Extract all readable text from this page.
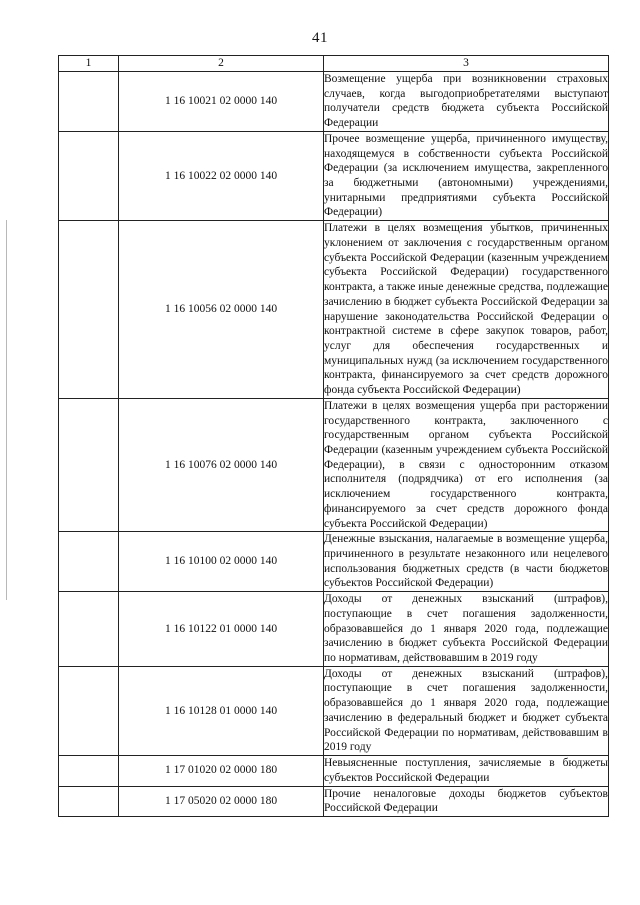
41
1	2	3
	1 16 10021 02 0000 140	Возмещение ущерба при возникновении страховых случаев, когда выгодоприобретателями выступают получатели средств бюджета субъекта Российской Федерации
	1 16 10022 02 0000 140	Прочее возмещение ущерба, причиненного имуществу, находящемуся в собственности субъекта Российской Федерации (за исключением имущества, закрепленного за бюджетными (автономными) учреждениями, унитарными предприятиями субъекта Российской Федерации)
	1 16 10056 02 0000 140	Платежи в целях возмещения убытков, причиненных уклонением от заключения с государственным органом субъекта Российской Федерации (казенным учреждением субъекта Российской Федерации) государственного контракта, а также иные денежные средства, подлежащие зачислению в бюджет субъекта Российской Федерации за нарушение законодательства Российской Федерации о контрактной системе в сфере закупок товаров, работ, услуг для обеспечения государственных и муниципальных нужд (за исключением государственного контракта, финансируемого за счет средств дорожного фонда субъекта Российской Федерации)
	1 16 10076 02 0000 140	Платежи в целях возмещения ущерба при расторжении государственного контракта, заключенного с государственным органом субъекта Российской Федерации (казенным учреждением субъекта Российской Федерации), в связи с односторонним отказом исполнителя (подрядчика) от его исполнения (за исключением государственного контракта, финансируемого за счет средств дорожного фонда субъекта Российской Федерации)
	1 16 10100 02 0000 140	Денежные взыскания, налагаемые в возмещение ущерба, причиненного в результате незаконного или нецелевого использования бюджетных средств (в части бюджетов субъектов Российской Федерации)
	1 16 10122 01 0000 140	Доходы от денежных взысканий (штрафов), поступающие в счет погашения задолженности, образовавшейся до 1 января 2020 года, подлежащие зачислению в бюджет субъекта Российской Федерации по нормативам, действовавшим в 2019 году
	1 16 10128 01 0000 140	Доходы от денежных взысканий (штрафов), поступающие в счет погашения задолженности, образовавшейся до 1 января 2020 года, подлежащие зачислению в федеральный бюджет и бюджет субъекта Российской Федерации по нормативам, действовавшим в 2019 году
	1 17 01020 02 0000 180	Невыясненные поступления, зачисляемые в бюджеты субъектов Российской Федерации
	1 17 05020 02 0000 180	Прочие неналоговые доходы бюджетов субъектов Российской Федерации
